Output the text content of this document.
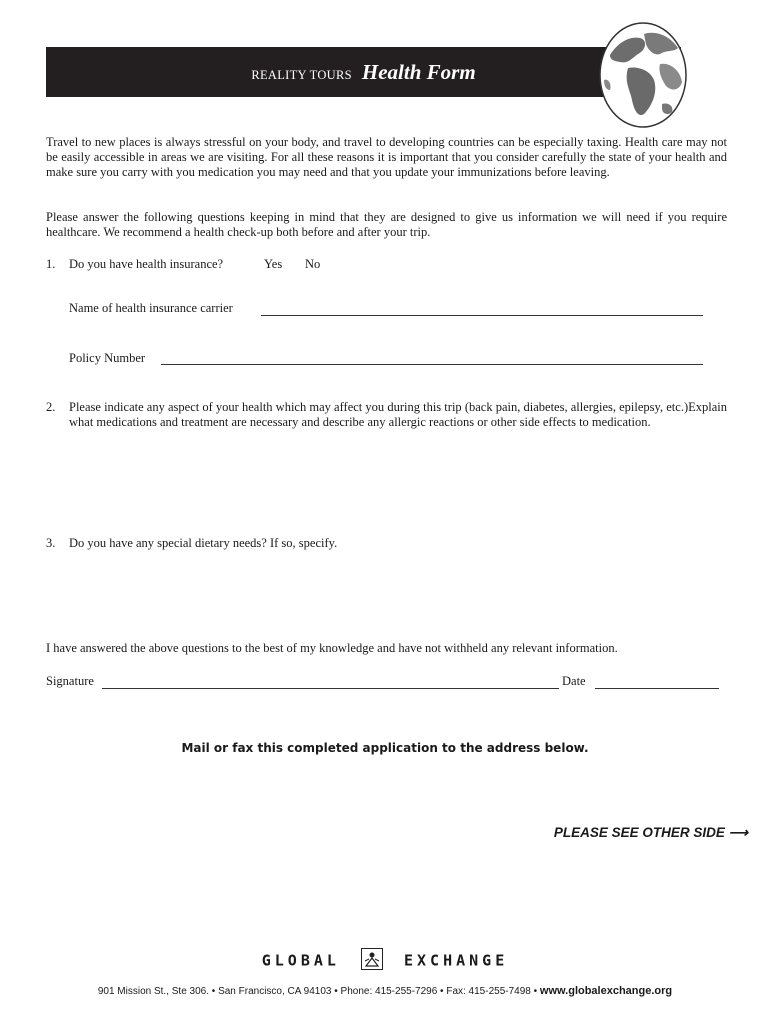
REALITY TOURS Health Form
Travel to new places is always stressful on your body, and travel to developing countries can be especially taxing. Health care may not be easily accessible in areas we are visiting. For all these reasons it is important that you consider carefully the state of your health and make sure you carry with you medication you may need and that you update your immunizations before leaving.
Please answer the following questions keeping in mind that they are designed to give us information we will need if you require healthcare. We recommend a health check-up both before and after your trip.
1. Do you have health insurance?	Yes No
Name of health insurance carrier
Policy Number
2. Please indicate any aspect of your health which may affect you during this trip (back pain, diabetes, allergies, epilepsy, etc.)Explain what medications and treatment are necessary and describe any allergic reactions or other side effects to medication.
3. Do you have any special dietary needs? If so, specify.
I have answered the above questions to the best of my knowledge and have not withheld any relevant information.
Signature	Date
Mail or fax this completed application to the address below.
PLEASE SEE OTHER SIDE ⟶
GLOBAL	EXCHANGE
901 Mission St., Ste 306. • San Francisco, CA 94103 • Phone: 415-255-7296 • Fax: 415-255-7498 • www.globalexchange.org
